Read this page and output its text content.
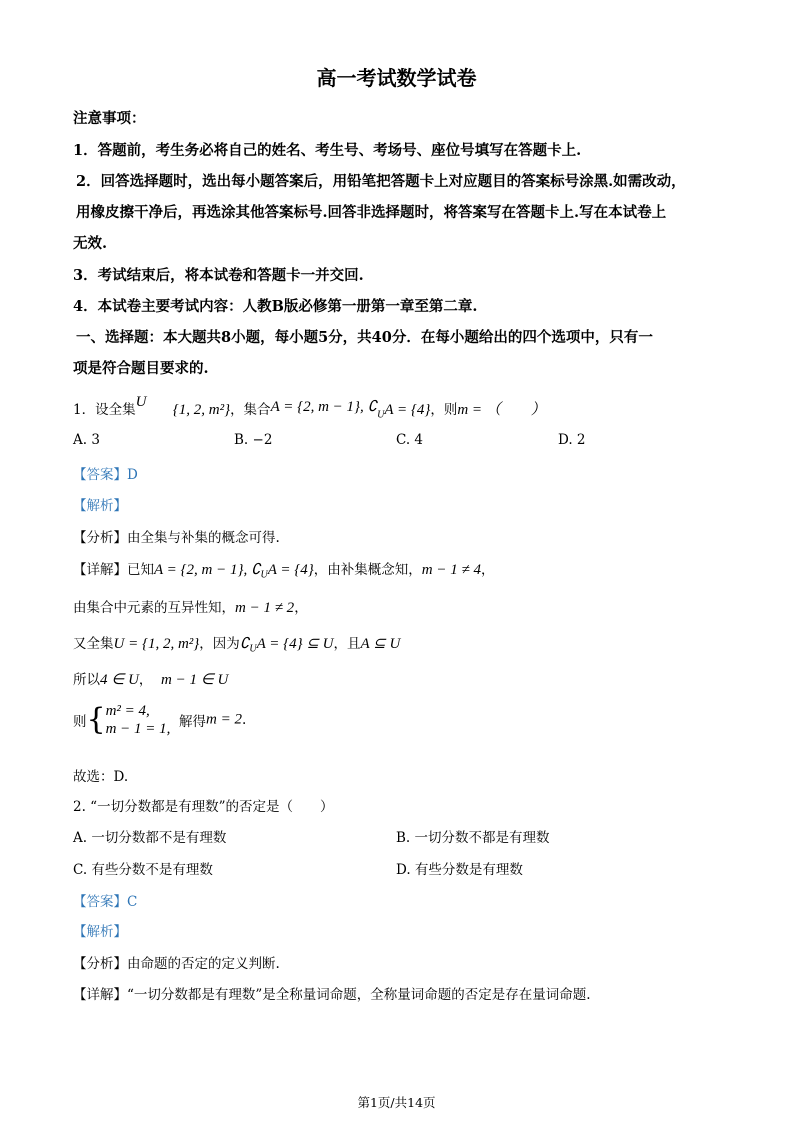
高一考试数学试卷
注意事项：
1．答题前，考生务必将自己的姓名、考生号、考场号、座位号填写在答题卡上.
2．回答选择题时，选出每小题答案后，用铅笔把答题卡上对应题目的答案标号涂黑.如需改动，
用橡皮擦干净后，再选涂其他答案标号.回答非选择题时，将答案写在答题卡上.写在本试卷上
无效.
3．考试结束后，将本试卷和答题卡一并交回.
4．本试卷主要考试内容：人教B版必修第一册第一章至第二章.
一、选择题：本大题共8小题，每小题5分，共40分．在每小题给出的四个选项中，只有一
项是符合题目要求的.
1．设全集U {1, 2, m²}，集合A = {2, m − 1}, $∁_UA = \{4\}$，则m = （　　）
A. 3	B. −2	C. 4	D. 2
【答案】D
【解析】
【分析】由全集与补集的概念可得.
【详解】已知A = {2, m − 1}, $∁_UA = \{4\}$，由补集概念知，m − 1 ≠ 4，
由集合中元素的互异性知，m − 1 ≠ 2，
又全集U = {1, 2, m²}，因为$∁_UA = \{4\}$ ⊆ U，且A ⊆ U
所以4 ∈ U， m − 1 ∈ U
则{ m² = 4,
m − 1 = 1, 解得m = 2.
故选：D.
2. “一切分数都是有理数”的否定是（　　）
A. 一切分数都不是有理数	B. 一切分数不都是有理数
C. 有些分数不是有理数	D. 有些分数是有理数
【答案】C
【解析】
【分析】由命题的否定的定义判断.
【详解】“一切分数都是有理数”是全称量词命题，全称量词命题的否定是存在量词命题.
第1页/共14页
